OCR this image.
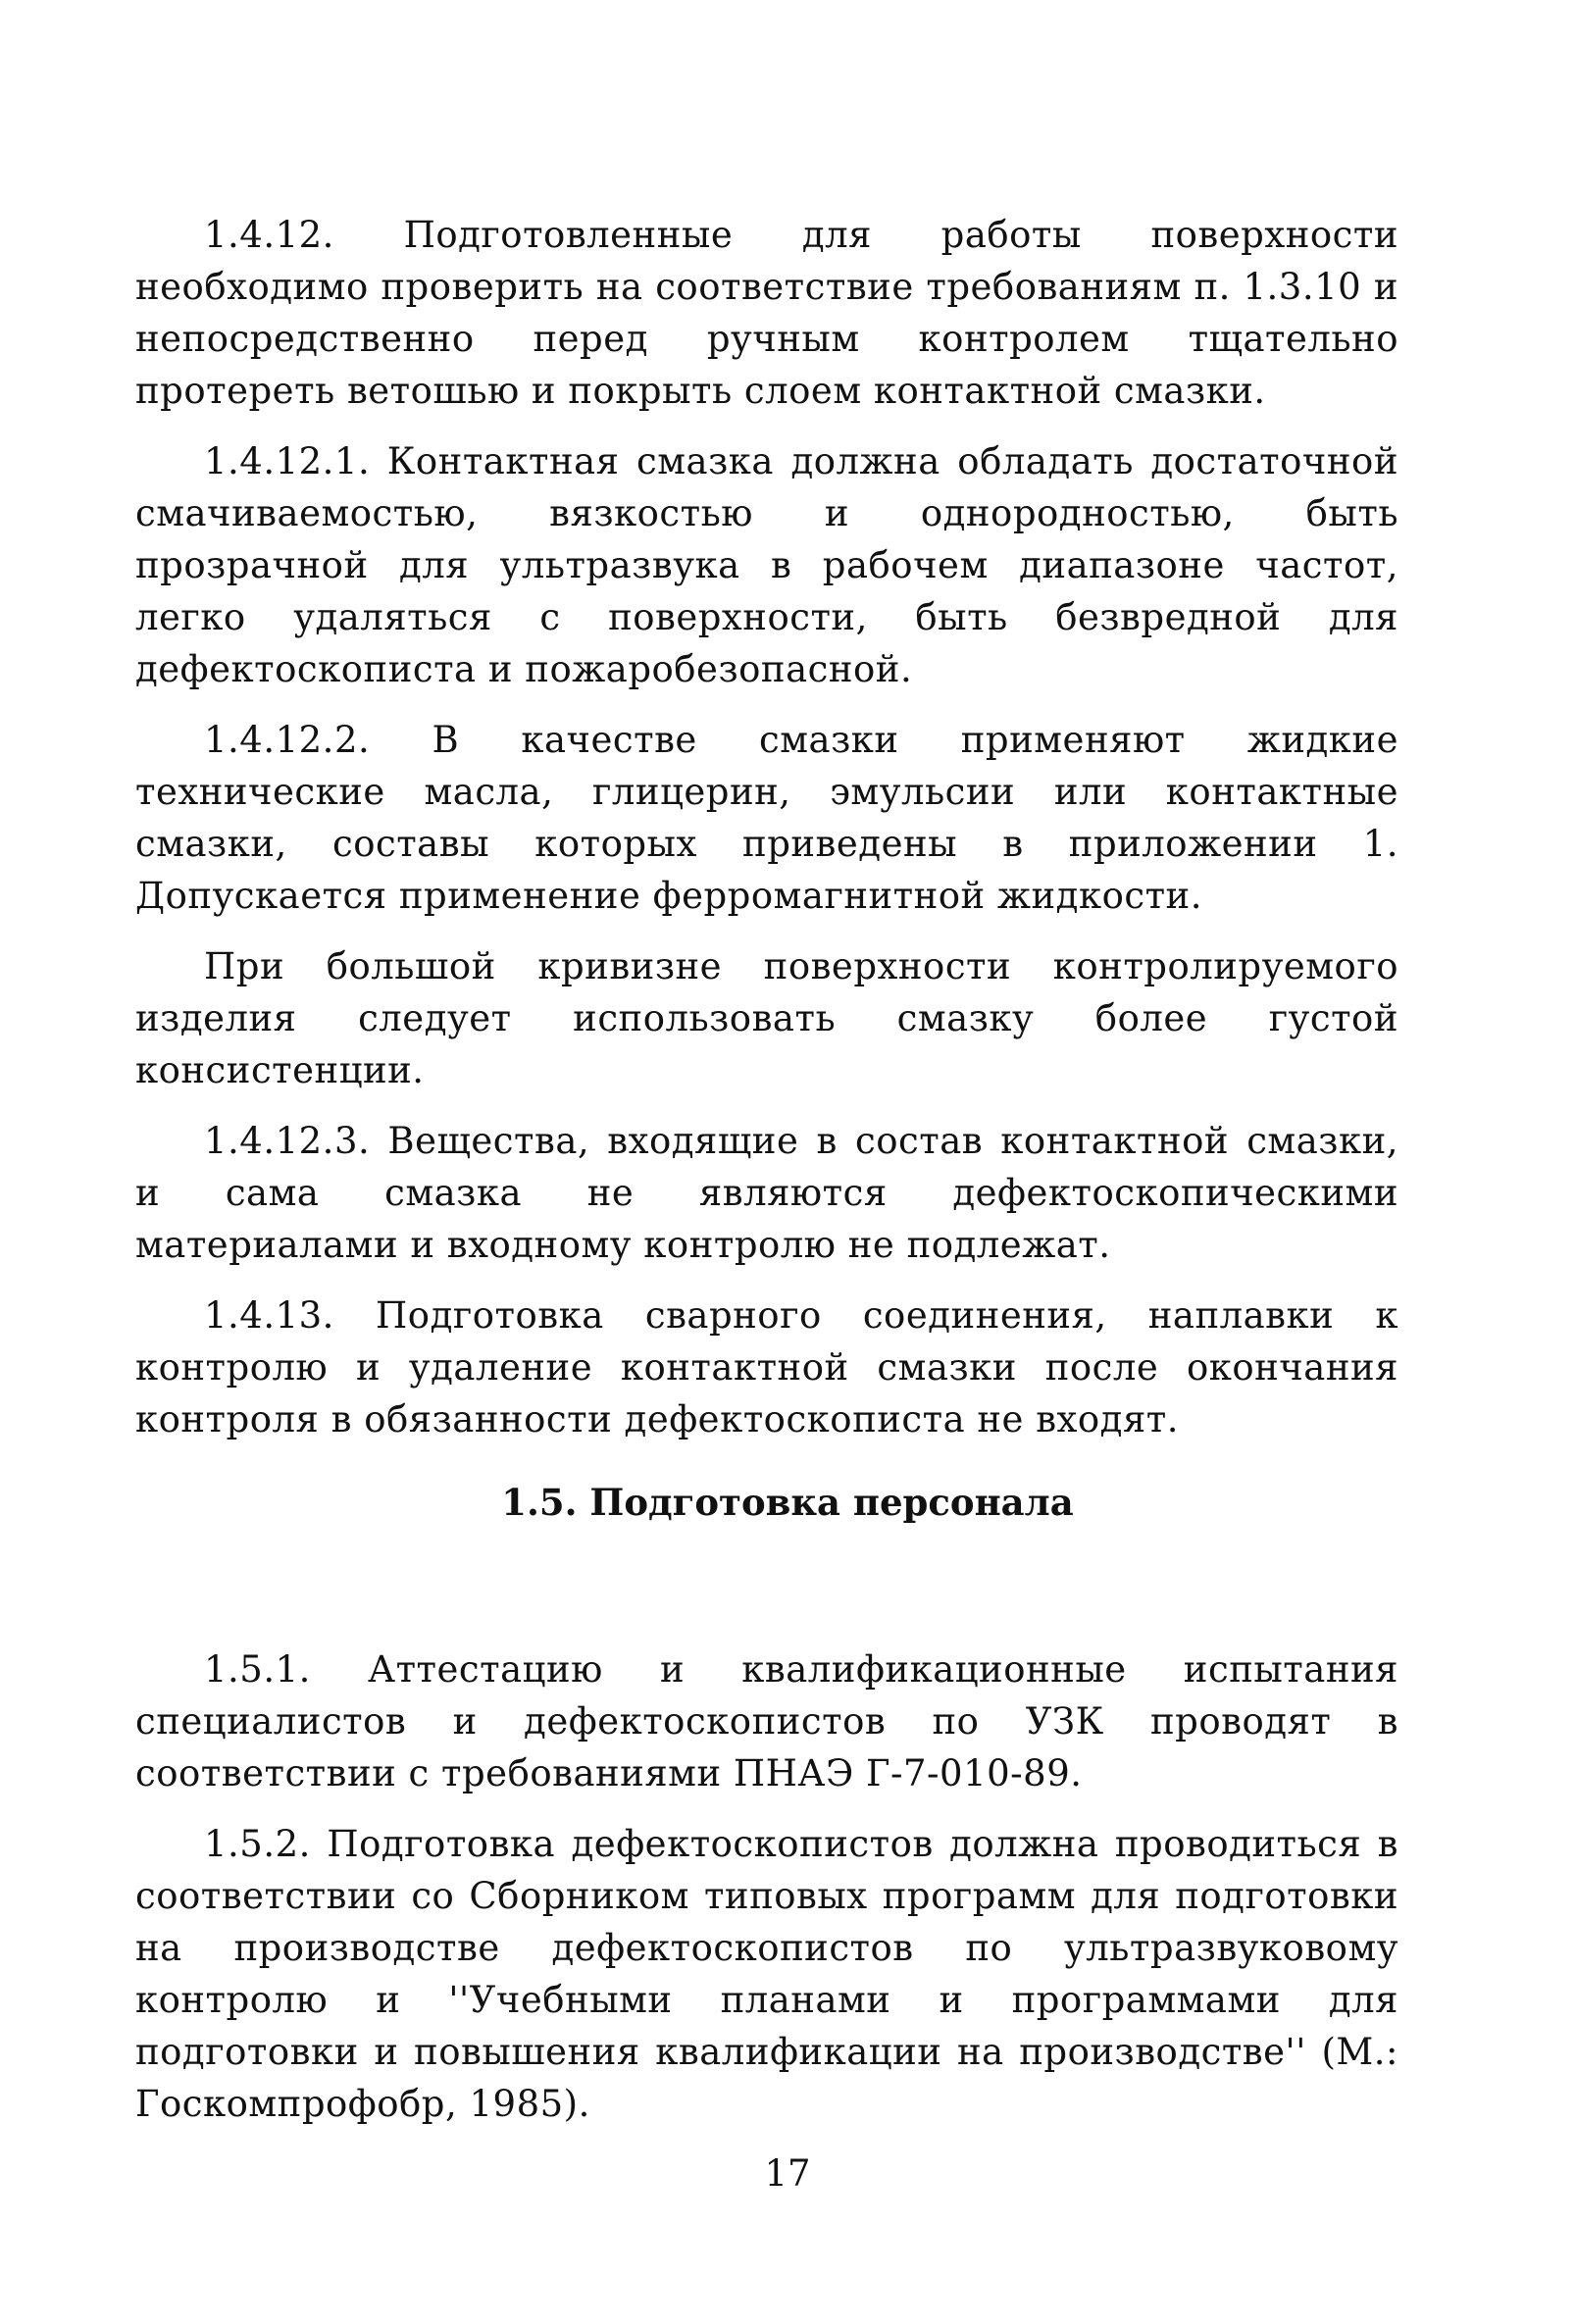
1.4.12. Подготовленные для работы поверхности необходимо проверить на соответствие требованиям п. 1.3.10 и непосредственно перед ручным контролем тщательно протереть ветошью и покрыть слоем контактной смазки.

1.4.12.1. Контактная смазка должна обладать достаточной смачиваемостью, вязкостью и однородностью, быть прозрачной для ультразвука в рабочем диапазоне частот, легко удаляться с поверхности, быть безвредной для дефектоскописта и пожаробезопасной.

1.4.12.2. В качестве смазки применяют жидкие технические масла, глицерин, эмульсии или контактные смазки, составы которых приведены в приложении 1. Допускается применение ферромагнитной жидкости.

При большой кривизне поверхности контролируемого изделия следует использовать смазку более густой консистенции.

1.4.12.3. Вещества, входящие в состав контактной смазки, и сама смазка не являются дефектоскопическими материалами и входному контролю не подлежат.

1.4.13. Подготовка сварного соединения, наплавки к контролю и удаление контактной смазки после окончания контроля в обязанности дефектоскописта не входят.

1.5. Подготовка персонала

1.5.1. Аттестацию и квалификационные испытания специалистов и дефектоскопистов по УЗК проводят в соответствии с требованиями ПНАЭ Г-7-010-89.

1.5.2. Подготовка дефектоскопистов должна проводиться в соответствии со Сборником типовых программ для подготовки на производстве дефектоскопистов по ультразвуковому контролю и ''Учебными планами и программами для подготовки и повышения квалификации на производстве'' (М.: Госкомпрофобр, 1985).

17
